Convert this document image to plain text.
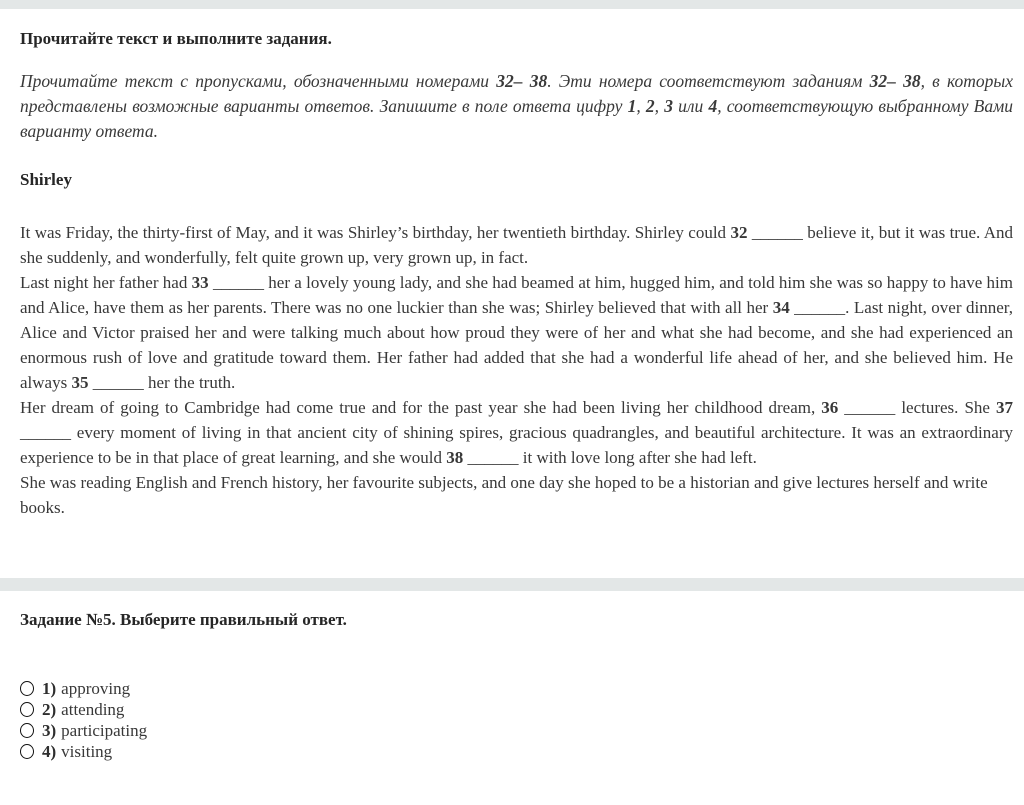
Прочитайте текст и выполните задания.

Прочитайте текст с пропусками, обозначенными номерами 32– 38. Эти номера соответствуют заданиям 32– 38, в которых представлены возможные варианты ответов. Запишите в поле ответа цифру 1, 2, 3 или 4, соответствующую выбранному Вами варианту ответа.

Shirley

It was Friday, the thirty-first of May, and it was Shirley’s birthday, her twentieth birthday. Shirley could 32 ______ believe it, but it was true. And she suddenly, and wonderfully, felt quite grown up, very grown up, in fact.

Last night her father had 33 ______ her a lovely young lady, and she had beamed at him, hugged him, and told him she was so happy to have him and Alice, have them as her parents. There was no one luckier than she was; Shirley believed that with all her 34 ______. Last night, over dinner, Alice and Victor praised her and were talking much about how proud they were of her and what she had become, and she had experienced an enormous rush of love and gratitude toward them. Her father had added that she had a wonderful life ahead of her, and she believed him. He always 35 ______ her the truth.

Her dream of going to Cambridge had come true and for the past year she had been living her childhood dream, 36 ______ lectures. She 37 ______ every moment of living in that ancient city of shining spires, gracious quadrangles, and beautiful architecture. It was an extraordinary experience to be in that place of great learning, and she would 38 ______ it with love long after she had left.

She was reading English and French history, her favourite subjects, and one day she hoped to be a historian and give lectures herself and write books.

Задание №5. Выберите правильный ответ.
1) approving
2) attending
3) participating
4) visiting
